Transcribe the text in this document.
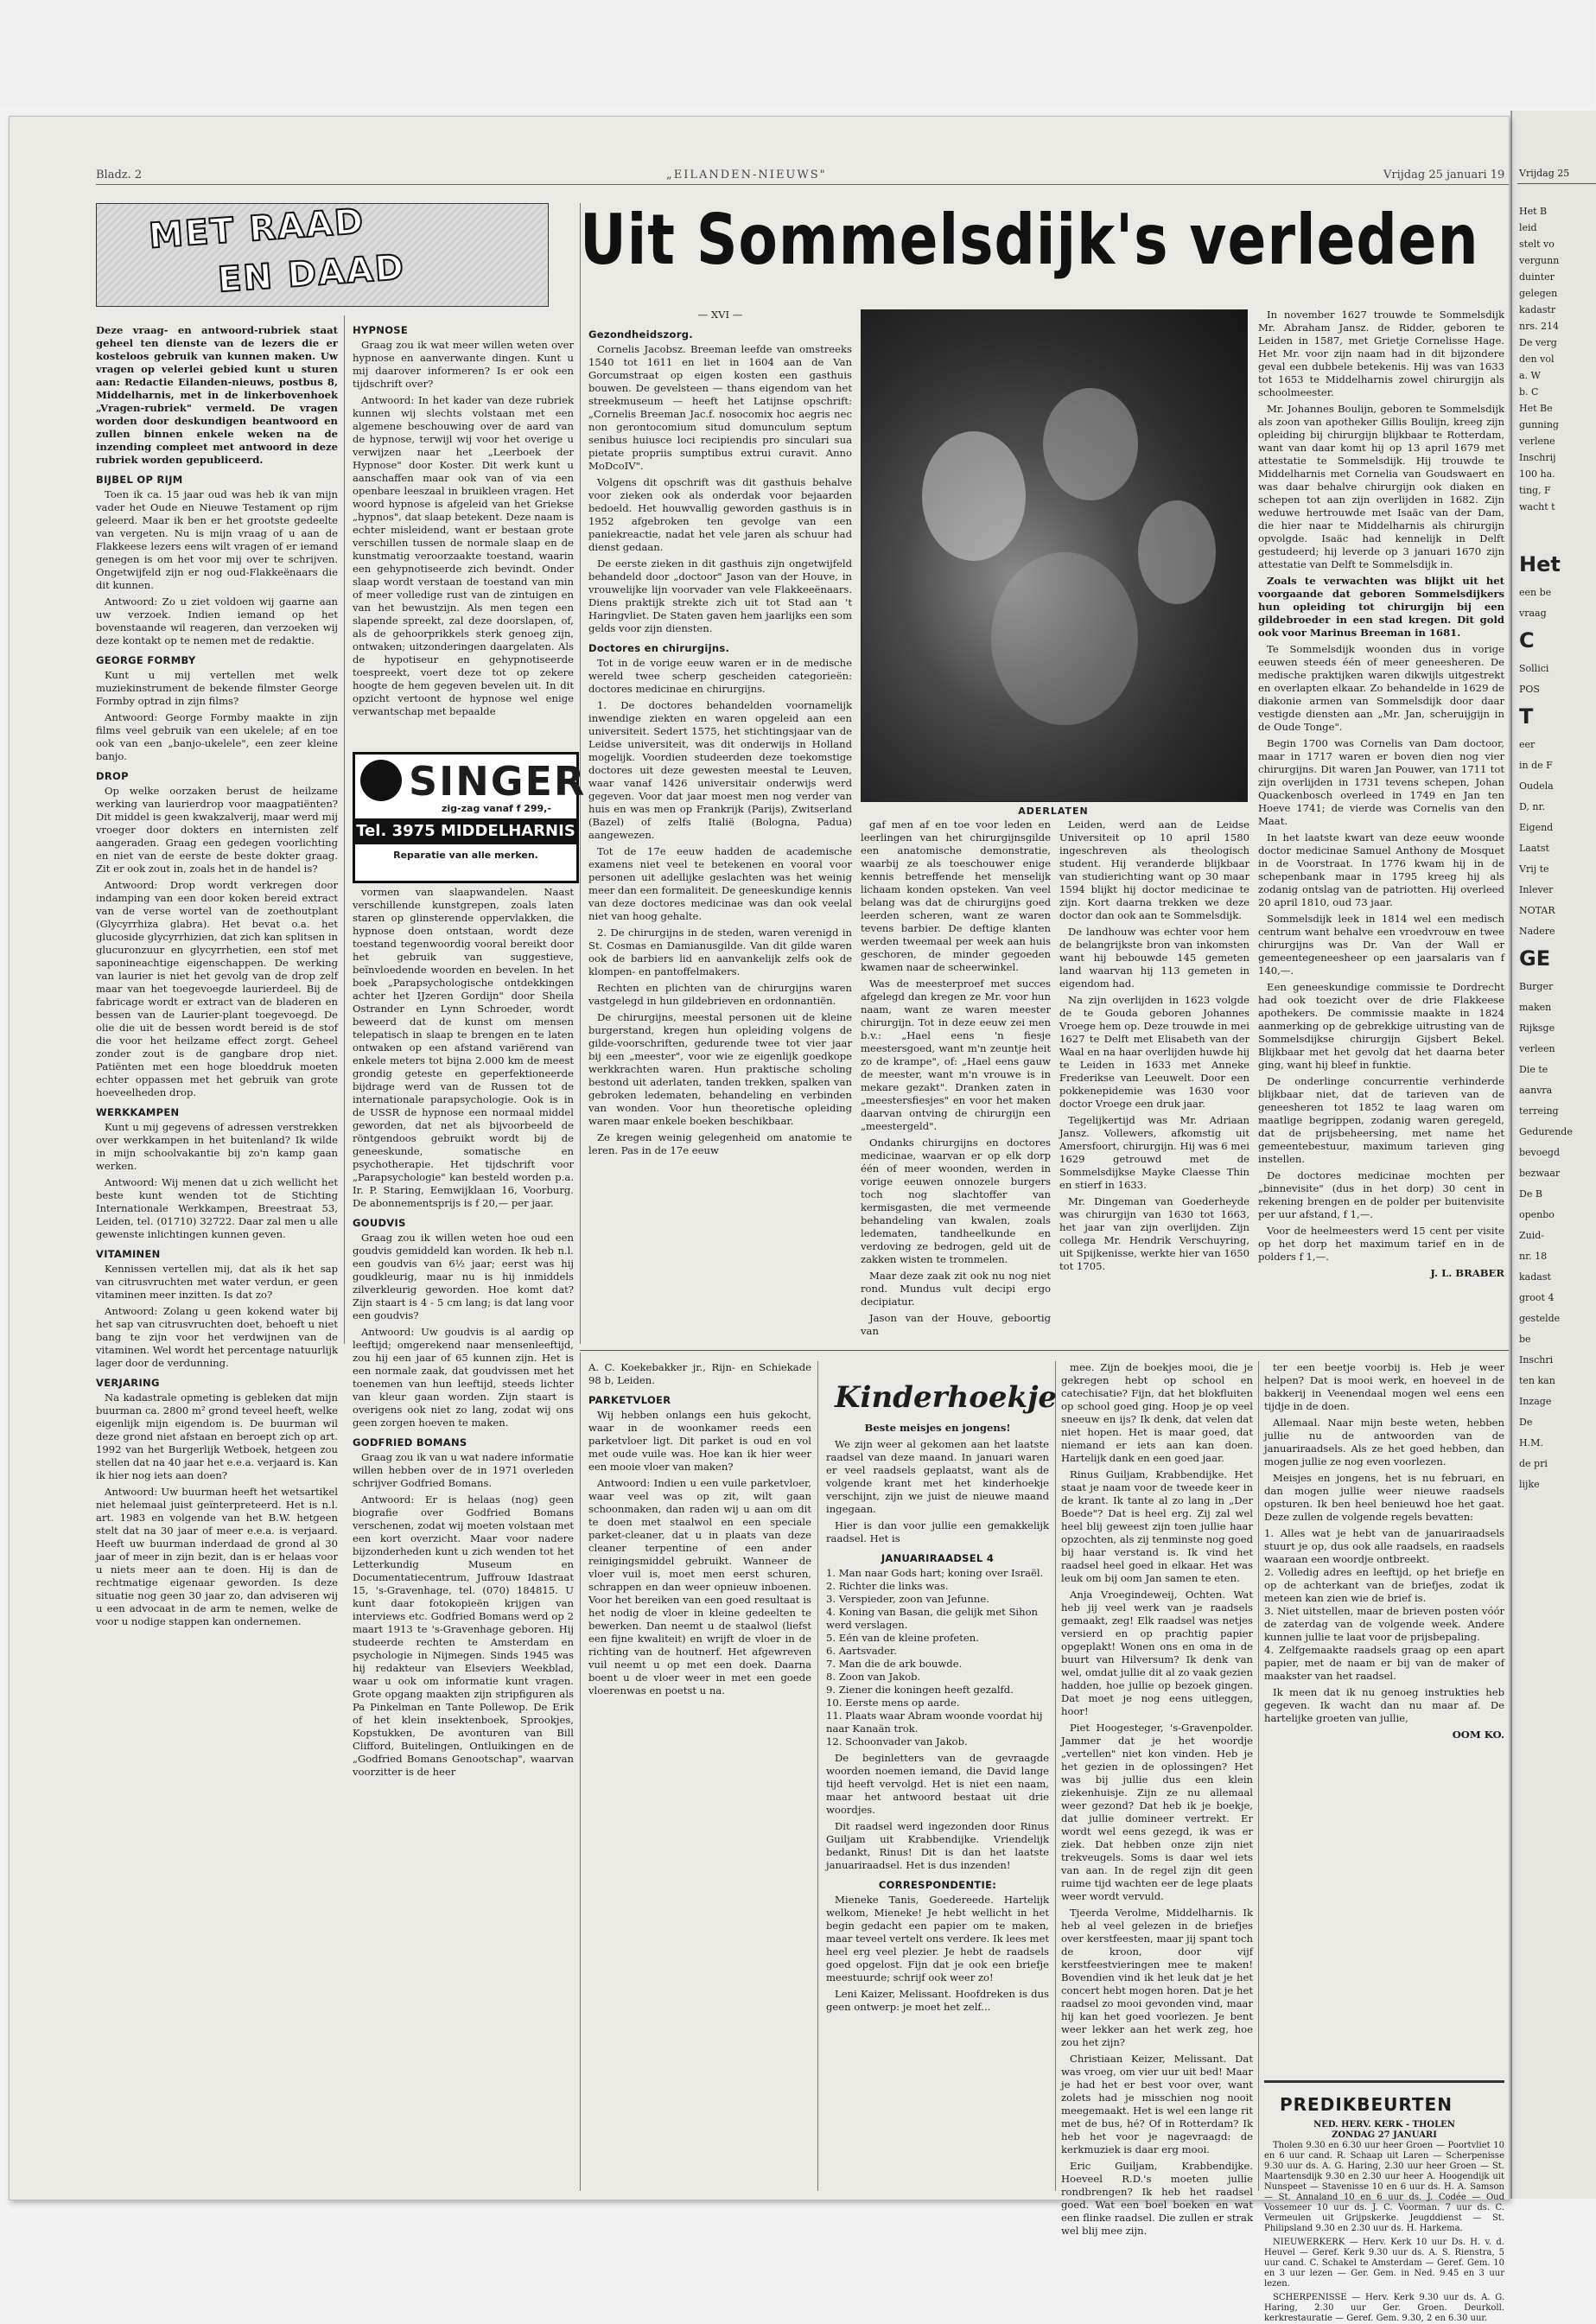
Vrijdag 25
Het B
leid
stelt vo
vergunn
duinter
gelegen
kadastr
nrs. 214
De verg
den vol
a. W
b. C
Het Be
gunning
verlene
Inschrij
100 ha.
ting, F
wacht t
Het
een be
vraag
C
Sollici
POS
T
eer
in de F
Oudela
D, nr.
Eigend
Laatst
Vrij te
Inlever
NOTAR
Nadere
GE
Burger
maken
Rijksge
verleen
Die te
aanvra
terreing
Gedurende
bevoegd
bezwaar
De B
openbo
Zuid-
nr. 18
kadast
groot 4
gestelde
be
Inschri
ten kan
Inzage
De
H.M.
de pri
lijke
Bladz. 2	„EILANDEN-NIEUWS"	Vrijdag 25 januari 19
MET RAAD
EN DAAD	Uit Sommelsdijk's verleden

Deze vraag- en antwoord-rubriek staat geheel ten dienste van de lezers die er kosteloos gebruik van kunnen maken. Uw vragen op velerlei gebied kunt u sturen aan: Redactie Eilanden-nieuws, postbus 8, Middelharnis, met in de linkerbovenhoek „Vragen-rubriek" vermeld. De vragen worden door deskundigen beantwoord en zullen binnen enkele weken na de inzending compleet met antwoord in deze rubriek worden gepubliceerd.

BIJBEL OP RIJM

Toen ik ca. 15 jaar oud was heb ik van mijn vader het Oude en Nieuwe Testament op rijm geleerd. Maar ik ben er het grootste gedeelte van vergeten. Nu is mijn vraag of u aan de Flakkeese lezers eens wilt vragen of er iemand genegen is om het voor mij over te schrijven. Ongetwijfeld zijn er nog oud-Flakkeënaars die dit kunnen.

Antwoord: Zo u ziet voldoen wij gaarne aan uw verzoek. Indien iemand op het bovenstaande wil reageren, dan verzoeken wij deze kontakt op te nemen met de redaktie.

GEORGE FORMBY

Kunt u mij vertellen met welk muziekinstrument de bekende filmster George Formby optrad in zijn films?

Antwoord: George Formby maakte in zijn films veel gebruik van een ukelele; af en toe ook van een „banjo-ukelele", een zeer kleine banjo.

DROP

Op welke oorzaken berust de heilzame werking van laurierdrop voor maagpatiënten? Dit middel is geen kwakzalverij, maar werd mij vroeger door dokters en internisten zelf aangeraden. Graag een gedegen voorlichting en niet van de eerste de beste dokter graag. Zit er ook zout in, zoals het in de handel is?

Antwoord: Drop wordt verkregen door indamping van een door koken bereid extract van de verse wortel van de zoethoutplant (Glycyrrhiza glabra). Het bevat o.a. het glucoside glycyrrhizien, dat zich kan splitsen in glucuronzuur en glycyrrhetien, een stof met saponineachtige eigenschappen. De werking van laurier is niet het gevolg van de drop zelf maar van het toegevoegde laurierdeel. Bij de fabricage wordt er extract van de bladeren en bessen van de Laurier-plant toegevoegd. De olie die uit de bessen wordt bereid is de stof die voor het heilzame effect zorgt. Geheel zonder zout is de gangbare drop niet. Patiënten met een hoge bloeddruk moeten echter oppassen met het gebruik van grote hoeveelheden drop.

WERKKAMPEN

Kunt u mij gegevens of adressen verstrekken over werkkampen in het buitenland? Ik wilde in mijn schoolvakantie bij zo'n kamp gaan werken.

Antwoord: Wij menen dat u zich wellicht het beste kunt wenden tot de Stichting Internationale Werkkampen, Breestraat 53, Leiden, tel. (01710) 32722. Daar zal men u alle gewenste inlichtingen kunnen geven.

VITAMINEN

Kennissen vertellen mij, dat als ik het sap van citrusvruchten met water verdun, er geen vitaminen meer inzitten. Is dat zo?

Antwoord: Zolang u geen kokend water bij het sap van citrusvruchten doet, behoeft u niet bang te zijn voor het verdwijnen van de vitaminen. Wel wordt het percentage natuurlijk lager door de verdunning.

VERJARING

Na kadastrale opmeting is gebleken dat mijn buurman ca. 2800 m² grond teveel heeft, welke eigenlijk mijn eigendom is. De buurman wil deze grond niet afstaan en beroept zich op art. 1992 van het Burgerlijk Wetboek, hetgeen zou stellen dat na 40 jaar het e.e.a. verjaard is. Kan ik hier nog iets aan doen?

Antwoord: Uw buurman heeft het wetsartikel niet helemaal juist geïnterpreteerd. Het is n.l. art. 1983 en volgende van het B.W. hetgeen stelt dat na 30 jaar of meer e.e.a. is verjaard. Heeft uw buurman inderdaad de grond al 30 jaar of meer in zijn bezit, dan is er helaas voor u niets meer aan te doen. Hij is dan de rechtmatige eigenaar geworden. Is deze situatie nog geen 30 jaar zo, dan adviseren wij u een advocaat in de arm te nemen, welke de voor u nodige stappen kan ondernemen.

HYPNOSE

Graag zou ik wat meer willen weten over hypnose en aanverwante dingen. Kunt u mij daarover informeren? Is er ook een tijdschrift over?

Antwoord: In het kader van deze rubriek kunnen wij slechts volstaan met een algemene beschouwing over de aard van de hypnose, terwijl wij voor het overige u verwijzen naar het „Leerboek der Hypnose" door Koster. Dit werk kunt u aanschaffen maar ook van of via een openbare leeszaal in bruikleen vragen. Het woord hypnose is afgeleid van het Griekse „hypnos", dat slaap betekent. Deze naam is echter misleidend, want er bestaan grote verschillen tussen de normale slaap en de kunstmatig veroorzaakte toestand, waarin een gehypnotiseerde zich bevindt. Onder slaap wordt verstaan de toestand van min of meer volledige rust van de zintuigen en van het bewustzijn. Als men tegen een slapende spreekt, zal deze doorslapen, of, als de gehoorprikkels sterk genoeg zijn, ontwaken; uitzonderingen daargelaten. Als de hypotiseur en gehypnotiseerde toespreekt, voert deze tot op zekere hoogte de hem gegeven bevelen uit. In dit opzicht vertoont de hypnose wel enige verwantschap met bepaalde

SINGER
zig-zag vanaf f 299,-
Tel. 3975 MIDDELHARNIS
Reparatie van alle merken.

vormen van slaapwandelen. Naast verschillende kunstgrepen, zoals laten staren op glinsterende oppervlakken, die hypnose doen ontstaan, wordt deze toestand tegenwoordig vooral bereikt door het gebruik van suggestieve, beïnvloedende woorden en bevelen. In het boek „Parapsychologische ontdekkingen achter het IJzeren Gordijn" door Sheila Ostrander en Lynn Schroeder, wordt beweerd dat de kunst om mensen telepatisch in slaap te brengen en te laten ontwaken op een afstand variërend van enkele meters tot bijna 2.000 km de meest grondig geteste en geperfektioneerde bijdrage werd van de Russen tot de internationale parapsychologie. Ook is in de USSR de hypnose een normaal middel geworden, dat net als bijvoorbeeld de röntgendoos gebruikt wordt bij de geneeskunde, somatische en psychotherapie. Het tijdschrift voor „Parapsychologie" kan besteld worden p.a. Ir. P. Staring, Eemwijklaan 16, Voorburg. De abonnementsprijs is f 20,— per jaar.

GOUDVIS

Graag zou ik willen weten hoe oud een goudvis gemiddeld kan worden. Ik heb n.l. een goudvis van 6½ jaar; eerst was hij goudkleurig, maar nu is hij inmiddels zilverkleurig geworden. Hoe komt dat? Zijn staart is 4 - 5 cm lang; is dat lang voor een goudvis?

Antwoord: Uw goudvis is al aardig op leeftijd; omgerekend naar mensenleeftijd, zou hij een jaar of 65 kunnen zijn. Het is een normale zaak, dat goudvissen met het toenemen van hun leeftijd, steeds lichter van kleur gaan worden. Zijn staart is overigens ook niet zo lang, zodat wij ons geen zorgen hoeven te maken.

GODFRIED BOMANS

Graag zou ik van u wat nadere informatie willen hebben over de in 1971 overleden schrijver Godfried Bomans.

Antwoord: Er is helaas (nog) geen biografie over Godfried Bomans verschenen, zodat wij moeten volstaan met een kort overzicht. Maar voor nadere bijzonderheden kunt u zich wenden tot het Letterkundig Museum en Documentatiecentrum, Juffrouw Idastraat 15, 's-Gravenhage, tel. (070) 184815. U kunt daar fotokopieën krijgen van interviews etc. Godfried Bomans werd op 2 maart 1913 te 's-Gravenhage geboren. Hij studeerde rechten te Amsterdam en psychologie in Nijmegen. Sinds 1945 was hij redakteur van Elseviers Weekblad, waar u ook om informatie kunt vragen. Grote opgang maakten zijn stripfiguren als Pa Pinkelman en Tante Pollewop. De Erik of het klein insektenboek, Sprookjes, Kopstukken, De avonturen van Bill Clifford, Buitelingen, Ontluikingen en de „Godfried Bomans Genootschap", waarvan voorzitter is de heer

— XVI —
Gezondheidszorg.

Cornelis Jacobsz. Breeman leefde van omstreeks 1540 tot 1611 en liet in 1604 aan de Van Gorcumstraat op eigen kosten een gasthuis bouwen. De gevelsteen — thans eigendom van het streekmuseum — heeft het Latijnse opschrift: „Cornelis Breeman Jac.f. nosocomix hoc aegris nec non gerontocomium situd domunculum septum senibus huiusce loci recipiendis pro sinculari sua pietate propriis sumptibus extrui curavit. Anno MoDcoIV".

Volgens dit opschrift was dit gasthuis behalve voor zieken ook als onderdak voor bejaarden bedoeld. Het houwvallig geworden gasthuis is in 1952 afgebroken ten gevolge van een paniekreactie, nadat het vele jaren als schuur had dienst gedaan.

De eerste zieken in dit gasthuis zijn ongetwijfeld behandeld door „doctoor" Jason van der Houve, in vrouwelijke lijn voorvader van vele Flakkeeënaars. Diens praktijk strekte zich uit tot Stad aan 't Haringvliet. De Staten gaven hem jaarlijks een som gelds voor zijn diensten.

Doctores en chirurgijns.

Tot in de vorige eeuw waren er in de medische wereld twee scherp gescheiden categorieën: doctores medicinae en chirurgijns.

1. De doctores behandelden voornamelijk inwendige ziekten en waren opgeleid aan een universiteit. Sedert 1575, het stichtingsjaar van de Leidse universiteit, was dit onderwijs in Holland mogelijk. Voordien studeerden deze toekomstige doctores uit deze gewesten meestal te Leuven, waar vanaf 1426 universitair onderwijs werd gegeven. Voor dat jaar moest men nog verder van huis en was men op Frankrijk (Parijs), Zwitserland (Bazel) of zelfs Italië (Bologna, Padua) aangewezen.

Tot de 17e eeuw hadden de academische examens niet veel te betekenen en vooral voor personen uit adellijke geslachten was het weinig meer dan een formaliteit. De geneeskundige kennis van deze doctores medicinae was dan ook veelal niet van hoog gehalte.

2. De chirurgijns in de steden, waren verenigd in St. Cosmas en Damianusgilde. Van dit gilde waren ook de barbiers lid en aanvankelijk zelfs ook de klompen- en pantoffelmakers.

Rechten en plichten van de chirurgijns waren vastgelegd in hun gildebrieven en ordonnantiën.

De chirurgijns, meestal personen uit de kleine burgerstand, kregen hun opleiding volgens de gilde-voorschriften, gedurende twee tot vier jaar bij een „meester", voor wie ze eigenlijk goedkope werkkrachten waren. Hun praktische scholing bestond uit aderlaten, tanden trekken, spalken van gebroken ledematen, behandeling en verbinden van wonden. Voor hun theoretische opleiding waren maar enkele boeken beschikbaar.

Ze kregen weinig gelegenheid om anatomie te leren. Pas in de 17e eeuw

ADERLATEN

gaf men af en toe voor leden en leerlingen van het chirurgijnsgilde een anatomische demonstratie, waarbij ze als toeschouwer enige kennis betreffende het menselijk lichaam konden opsteken. Van veel belang was dat de chirurgijns goed leerden scheren, want ze waren tevens barbier. De deftige klanten werden tweemaal per week aan huis geschoren, de minder gegoeden kwamen naar de scheerwinkel.

Was de meesterproef met succes afgelegd dan kregen ze Mr. voor hun naam, want ze waren meester chirurgijn. Tot in deze eeuw zei men b.v.: „Hael eens 'n fiesje meestersgoed, want m'n zeuntje heit zo de krampe", of: „Hael eens gauw de meester, want m'n vrouwe is in mekare gezakt". Dranken zaten in „meestersfiesjes" en voor het maken daarvan ontving de chirurgijn een „meestergeld".

Ondanks chirurgijns en doctores medicinae, waarvan er op elk dorp één of meer woonden, werden in vorige eeuwen onnozele burgers toch nog slachtoffer van kermisgasten, die met vermeende behandeling van kwalen, zoals ledematen, tandheelkunde en verdoving ze bedrogen, geld uit de zakken wisten te trommelen.

Maar deze zaak zit ook nu nog niet rond. Mundus vult decipi ergo decipiatur.

Jason van der Houve, geboortig van

Leiden, werd aan de Leidse Universiteit op 10 april 1580 ingeschreven als theologisch student. Hij veranderde blijkbaar van studierichting want op 30 maar 1594 blijkt hij doctor medicinae te zijn. Kort daarna trekken we deze doctor dan ook aan te Sommelsdijk.

De landhouw was echter voor hem de belangrijkste bron van inkomsten want hij bebouwde 145 gemeten land waarvan hij 113 gemeten in eigendom had.

Na zijn overlijden in 1623 volgde de te Gouda geboren Johannes Vroege hem op. Deze trouwde in mei 1627 te Delft met Elisabeth van der Waal en na haar overlijden huwde hij te Leiden in 1633 met Anneke Frederikse van Leeuwelt. Door een pokkenepidemie was 1630 voor doctor Vroege een druk jaar.

Tegelijkertijd was Mr. Adriaan Jansz. Vollewers, afkomstig uit Amersfoort, chirurgijn. Hij was 6 mei 1629 getrouwd met de Sommelsdijkse Mayke Claesse Thin en stierf in 1633.

Mr. Dingeman van Goederheyde was chirurgijn van 1630 tot 1663, het jaar van zijn overlijden. Zijn collega Mr. Hendrik Verschuyring, uit Spijkenisse, werkte hier van 1650 tot 1705.

In november 1627 trouwde te Sommelsdijk Mr. Abraham Jansz. de Ridder, geboren te Leiden in 1587, met Grietje Cornelisse Hage. Het Mr. voor zijn naam had in dit bijzondere geval een dubbele betekenis. Hij was van 1633 tot 1653 te Middelharnis zowel chirurgijn als schoolmeester.

Mr. Johannes Boulijn, geboren te Sommelsdijk als zoon van apotheker Gillis Boulijn, kreeg zijn opleiding bij chirurgijn blijkbaar te Rotterdam, want van daar komt hij op 13 april 1679 met attestatie te Sommelsdijk. Hij trouwde te Middelharnis met Cornelia van Goudswaert en was daar behalve chirurgijn ook diaken en schepen tot aan zijn overlijden in 1682. Zijn weduwe hertrouwde met Isaäc van der Dam, die hier naar te Middelharnis als chirurgijn opvolgde. Isaäc had kennelijk in Delft gestudeerd; hij leverde op 3 januari 1670 zijn attestatie van Delft te Sommelsdijk in.

Zoals te verwachten was blijkt uit het voorgaande dat geboren Sommelsdijkers hun opleiding tot chirurgijn bij een gildebroeder in een stad kregen. Dit gold ook voor Marinus Breeman in 1681.

Te Sommelsdijk woonden dus in vorige eeuwen steeds één of meer geneesheren. De medische praktijken waren dikwijls uitgestrekt en overlapten elkaar. Zo behandelde in 1629 de diakonie armen van Sommelsdijk door daar vestigde diensten aan „Mr. Jan, scheruijgijn in de Oude Tonge".

Begin 1700 was Cornelis van Dam doctoor, maar in 1717 waren er boven dien nog vier chirurgijns. Dit waren Jan Pouwer, van 1711 tot zijn overlijden in 1731 tevens schepen, Johan Quackenbosch overleed in 1749 en Jan ten Hoeve 1741; de vierde was Cornelis van den Maat.

In het laatste kwart van deze eeuw woonde doctor medicinae Samuel Anthony de Mosquet in de Voorstraat. In 1776 kwam hij in de schepenbank maar in 1795 kreeg hij als zodanig ontslag van de patriotten. Hij overleed 20 april 1810, oud 73 jaar.

Sommelsdijk leek in 1814 wel een medisch centrum want behalve een vroedvrouw en twee chirurgijns was Dr. Van der Wall er gemeentegeneesheer op een jaarsalaris van f 140,—.

Een geneeskundige commissie te Dordrecht had ook toezicht over de drie Flakkeese apothekers. De commissie maakte in 1824 aanmerking op de gebrekkige uitrusting van de Sommelsdijkse chirurgijn Gijsbert Bekel. Blijkbaar met het gevolg dat het daarna beter ging, want hij bleef in funktie.

De onderlinge concurrentie verhinderde blijkbaar niet, dat de tarieven van de geneesheren tot 1852 te laag waren om maatlige begrippen, zodanig waren geregeld, dat de prijsbeheersing, met name het gemeentebestuur, maximum tarieven ging instellen.

De doctores medicinae mochten per „binnevisite" (dus in het dorp) 30 cent in rekening brengen en de polder per buitenvisite per uur afstand, f 1,—.

Voor de heelmeesters werd 15 cent per visite op het dorp het maximum tarief en in de polders f 1,—.

J. L. BRABER

A. C. Koekebakker jr., Rijn- en Schiekade 98 b, Leiden.

PARKETVLOER

Wij hebben onlangs een huis gekocht, waar in de woonkamer reeds een parketvloer ligt. Dit parket is oud en vol met oude vuile was. Hoe kan ik hier weer een mooie vloer van maken?

Antwoord: Indien u een vuile parketvloer, waar veel was op zit, wilt gaan schoonmaken, dan raden wij u aan om dit te doen met staalwol en een speciale parket-cleaner, dat u in plaats van deze cleaner terpentine of een ander reinigingsmiddel gebruikt. Wanneer de vloer vuil is, moet men eerst schuren, schrappen en dan weer opnieuw inboenen. Voor het bereiken van een goed resultaat is het nodig de vloer in kleine gedeelten te bewerken. Dan neemt u de staalwol (liefst een fijne kwaliteit) en wrijft de vloer in de richting van de houtnerf. Het afgewreven vuil neemt u op met een doek. Daarna boent u de vloer weer in met een goede vloerenwas en poetst u na.

Kinderhoekje

Beste meisjes en jongens!

We zijn weer al gekomen aan het laatste raadsel van deze maand. In januari waren er veel raadsels geplaatst, want als de volgende krant met het kinderhoekje verschijnt, zijn we juist de nieuwe maand ingegaan.

Hier is dan voor jullie een gemakkelijk raadsel. Het is

JANUARIRAADSEL 4

1. Man naar Gods hart; koning over Israël.
2. Richter die links was.
3. Verspieder, zoon van Jefunne.
4. Koning van Basan, die gelijk met Sihon werd verslagen.
5. Eén van de kleine profeten.
6. Aartsvader.
7. Man die de ark bouwde.
8. Zoon van Jakob.
9. Ziener die koningen heeft gezalfd.
10. Eerste mens op aarde.
11. Plaats waar Abram woonde voordat hij naar Kanaän trok.
12. Schoonvader van Jakob.

De beginletters van de gevraagde woorden noemen iemand, die David lange tijd heeft vervolgd. Het is niet een naam, maar het antwoord bestaat uit drie woordjes.

Dit raadsel werd ingezonden door Rinus Guiljam uit Krabbendijke. Vriendelijk bedankt, Rinus! Dit is dan het laatste januariraadsel. Het is dus inzenden!

CORRESPONDENTIE:

Mieneke Tanis, Goedereede. Hartelijk welkom, Mieneke! Je hebt wellicht in het begin gedacht een papier om te maken, maar teveel vertelt ons verdere. Ik lees met heel erg veel plezier. Je hebt de raadsels goed opgelost. Fijn dat je ook een briefje meestuurde; schrijf ook weer zo!

Leni Kaizer, Melissant. Hoofdreken is dus geen ontwerp: je moet het zelf...

mee. Zijn de boekjes mooi, die je gekregen hebt op school en catechisatie? Fijn, dat het blokfluiten op school goed ging. Hoop je op veel sneeuw en ijs? Ik denk, dat velen dat niet hopen. Het is maar goed, dat niemand er iets aan kan doen. Hartelijk dank en een goed jaar.

Rinus Guiljam, Krabbendijke. Het staat je naam voor de tweede keer in de krant. Ik tante al zo lang in „Der Boede"? Dat is heel erg. Zij zal wel heel blij geweest zijn toen jullie haar opzochten, als zij tenminste nog goed bij haar verstand is. Ik vind het raadsel heel goed in elkaar. Het was leuk om bij oom Jan samen te eten.

Anja Vroegindeweij, Ochten. Wat heb jij veel werk van je raadsels gemaakt, zeg! Elk raadsel was netjes versierd en op prachtig papier opgeplakt! Wonen ons en oma in de buurt van Hilversum? Ik denk van wel, omdat jullie dit al zo vaak gezien hadden, hoe jullie op bezoek gingen. Dat moet je nog eens uitleggen, hoor!

Piet Hoogesteger, 's-Gravenpolder. Jammer dat je het woordje „vertellen" niet kon vinden. Heb je het gezien in de oplossingen? Het was bij jullie dus een klein ziekenhuisje. Zijn ze nu allemaal weer gezond? Dat heb ik je boekje, dat jullie domineer vertrekt. Er wordt wel eens gezegd, ik was er ziek. Dat hebben onze zijn niet trekveugels. Soms is daar wel iets van aan. In de regel zijn dit geen ruime tijd wachten eer de lege plaats weer wordt vervuld.

Tjeerda Verolme, Middelharnis. Ik heb al veel gelezen in de briefjes over kerstfeesten, maar jij spant toch de kroon, door vijf kerstfeestvieringen mee te maken! Bovendien vind ik het leuk dat je het concert hebt mogen horen. Dat je het raadsel zo mooi gevonden vind, maar hij kan het goed voorlezen. Je bent weer lekker aan het werk zeg, hoe zou het zijn?

Christiaan Keizer, Melissant. Dat was vroeg, om vier uur uit bed! Maar je had het er best voor over, want zolets had je misschien nog nooit meegemaakt. Het is wel een lange rit met de bus, hé? Of in Rotterdam? Ik heb het voor je nagevraagd: de kerkmuziek is daar erg mooi.

Eric Guiljam, Krabbendijke. Hoeveel R.D.'s moeten jullie rondbrengen? Ik heb het raadsel goed. Wat een boel boeken en wat een flinke raadsel. Die zullen er strak wel blij mee zijn.

ter een beetje voorbij is. Heb je weer helpen? Dat is mooi werk, en hoeveel in de bakkerij in Veenendaal mogen wel eens een tijdje in de doen.

Allemaal. Naar mijn beste weten, hebben jullie nu de antwoorden van de januariraadsels. Als ze het goed hebben, dan mogen jullie ze nog even voorlezen.

Meisjes en jongens, het is nu februari, en dan mogen jullie weer nieuwe raadsels opsturen. Ik ben heel benieuwd hoe het gaat. Deze zullen de volgende regels bevatten:

1. Alles wat je hebt van de januariraadsels stuurt je op, dus ook alle raadsels, en raadsels waaraan een woordje ontbreekt.
2. Volledig adres en leeftijd, op het briefje en op de achterkant van de briefjes, zodat ik meteen kan zien wie de brief is.
3. Niet uitstellen, maar de brieven posten vóór de zaterdag van de volgende week. Andere kunnen jullie te laat voor de prijsbepaling.
4. Zelfgemaakte raadsels graag op een apart papier, met de naam er bij van de maker of maakster van het raadsel.

Ik meen dat ik nu genoeg instrukties heb gegeven. Ik wacht dan nu maar af. De hartelijke groeten van jullie,

OOM KO.

PREDIKBEURTEN
NED. HERV. KERK - THOLEN
ZONDAG 27 JANUARI

Tholen 9.30 en 6.30 uur heer Groen — Poortvliet 10 en 6 uur cand. R. Schaap uit Laren — Scherpenisse 9.30 uur ds. A. G. Haring, 2.30 uur heer Groen — St. Maartensdijk 9.30 en 2.30 uur heer A. Hoogendijk uit Nunspeet — Stavenisse 10 en 6 uur ds. H. A. Samson — St. Annaland 10 en 6 uur ds. J. Codée — Oud Vossemeer 10 uur ds. J. C. Voorman. 7 uur ds. C. Vermeulen uit Grijpskerke. Jeugddienst — St. Philipsland 9.30 en 2.30 uur ds. H. Harkema.

NIEUWERKERK — Herv. Kerk 10 uur Ds. H. v. d. Heuvel — Geref. Kerk 9.30 uur ds. A. S. Rienstra, 5 uur cand. C. Schakel te Amsterdam — Geref. Gem. 10 en 3 uur lezen — Ger. Gem. in Ned. 9.45 en 3 uur lezen.

SCHERPENISSE — Herv. Kerk 9.30 uur ds. A. G. Haring, 2.30 uur Ger. Groen. Deurkoll. kerkrestauratie — Geref. Gem. 9.30, 2 en 6.30 uur.
